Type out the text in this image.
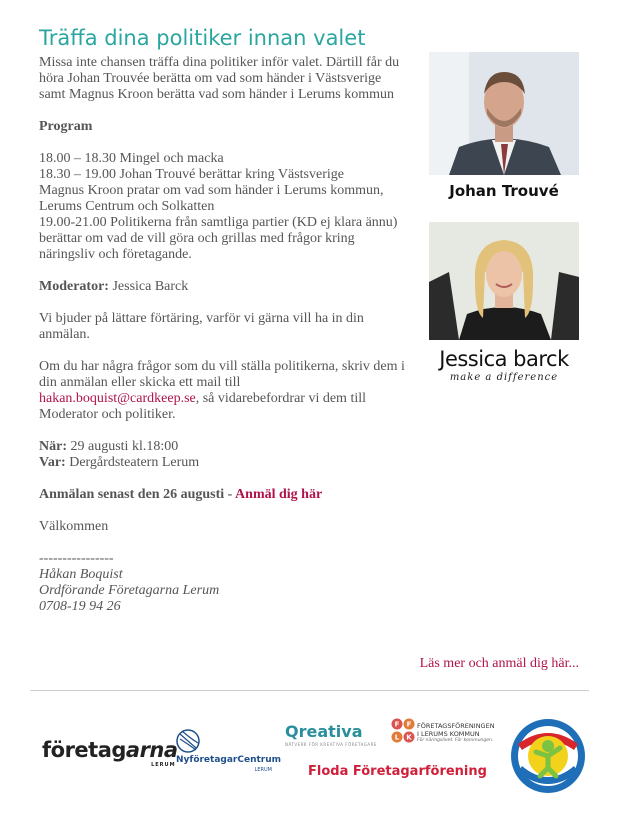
Träffa dina politiker innan valet

Missa inte chansen träffa dina politiker inför valet. Därtill får du höra Johan Trouvée berätta om vad som händer i Västsverige samt Magnus Kroon berätta vad som händer i Lerums kommun

Program

18.00 – 18.30 Mingel och macka

18.30 – 19.00 Johan Trouvé berättar kring Västsverige

Magnus Kroon pratar om vad som händer i Lerums kommun, Lerums Centrum och Solkatten

19.00-21.00 Politikerna från samtliga partier (KD ej klara ännu) berättar om vad de vill göra och grillas med frågor kring näringsliv och företagande.

Moderator: Jessica Barck

Vi bjuder på lättare förtäring, varför vi gärna vill ha in din anmälan.

Om du har några frågor som du vill ställa politikerna, skriv dem i din anmälan eller skicka ett mail till
hakan.boquist@cardkeep.se, så vidarebefordrar vi dem till Moderator och politiker.

När: 29 augusti kl.18:00

Var: Dergårdsteatern Lerum

Anmälan senast den 26 augusti - Anmäl dig här

Välkommen

----------------

Håkan Boquist

Ordförande Företagarna Lerum

0708-19 94 26

Johan Trouvé
Jessica barck
make a difference
Läs mer och anmäl dig här...
företagarna
LERUM NyföretagarCentrum
LERUM
Qreativa
NÄTVERK FÖR KREATIVA FÖRETAGARE
F F
L K
FÖRETAGSFÖRENINGEN
I LERUMS KOMMUN
För näringslivet. För kommungen.
Floda Företagarförening
